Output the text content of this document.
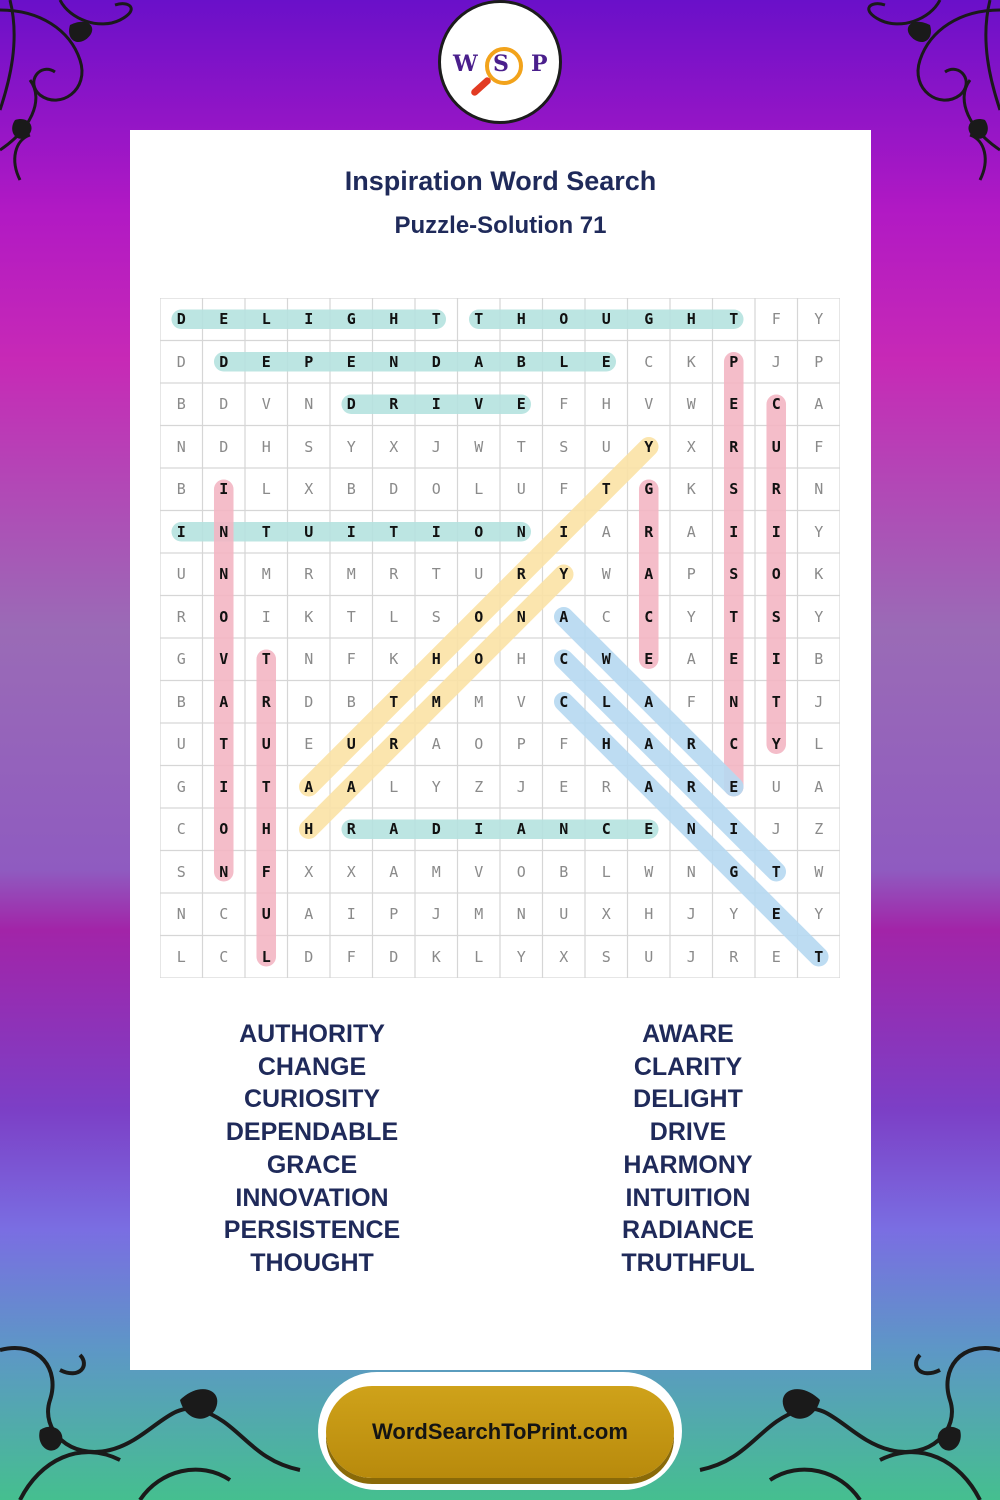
W S P
Inspiration Word Search
Puzzle-Solution 71
D	E	L	I	G	H	T	T	H	O	U	G	H	T	F	Y
D	D	E	P	E	N	D	A	B	L	E	C	K	P	J	P
B	D	V	N	D	R	I	V	E	F	H	V	W	E	C	A
N	D	H	S	Y	X	J	W	T	S	U	Y	X	R	U	F
B	I	L	X	B	D	O	L	U	F	T	G	K	S	R	N
I	N	T	U	I	T	I	O	N	I	A	R	A	I	I	Y
U	N	M	R	M	R	T	U	R	Y	W	A	P	S	O	K
R	O	I	K	T	L	S	O	N	A	C	C	Y	T	S	Y
G	V	T	N	F	K	H	O	H	C	W	E	A	E	I	B
B	A	R	D	B	T	M	M	V	C	L	A	F	N	T	J
U	T	U	E	U	R	A	O	P	F	H	A	R	C	Y	L
G	I	T	A	A	L	Y	Z	J	E	R	A	R	E	U	A
C	O	H	H	R	A	D	I	A	N	C	E	N	I	J	Z
S	N	F	X	X	A	M	V	O	B	L	W	N	G	T	W
N	C	U	A	I	P	J	M	N	U	X	H	J	Y	E	Y
L	C	L	D	F	D	K	L	Y	X	S	U	J	R	E	T
AUTHORITY
CHANGE
CURIOSITY
DEPENDABLE
GRACE
INNOVATION
PERSISTENCE
THOUGHT
AWARE
CLARITY
DELIGHT
DRIVE
HARMONY
INTUITION
RADIANCE
TRUTHFUL
WordSearchToPrint.com
